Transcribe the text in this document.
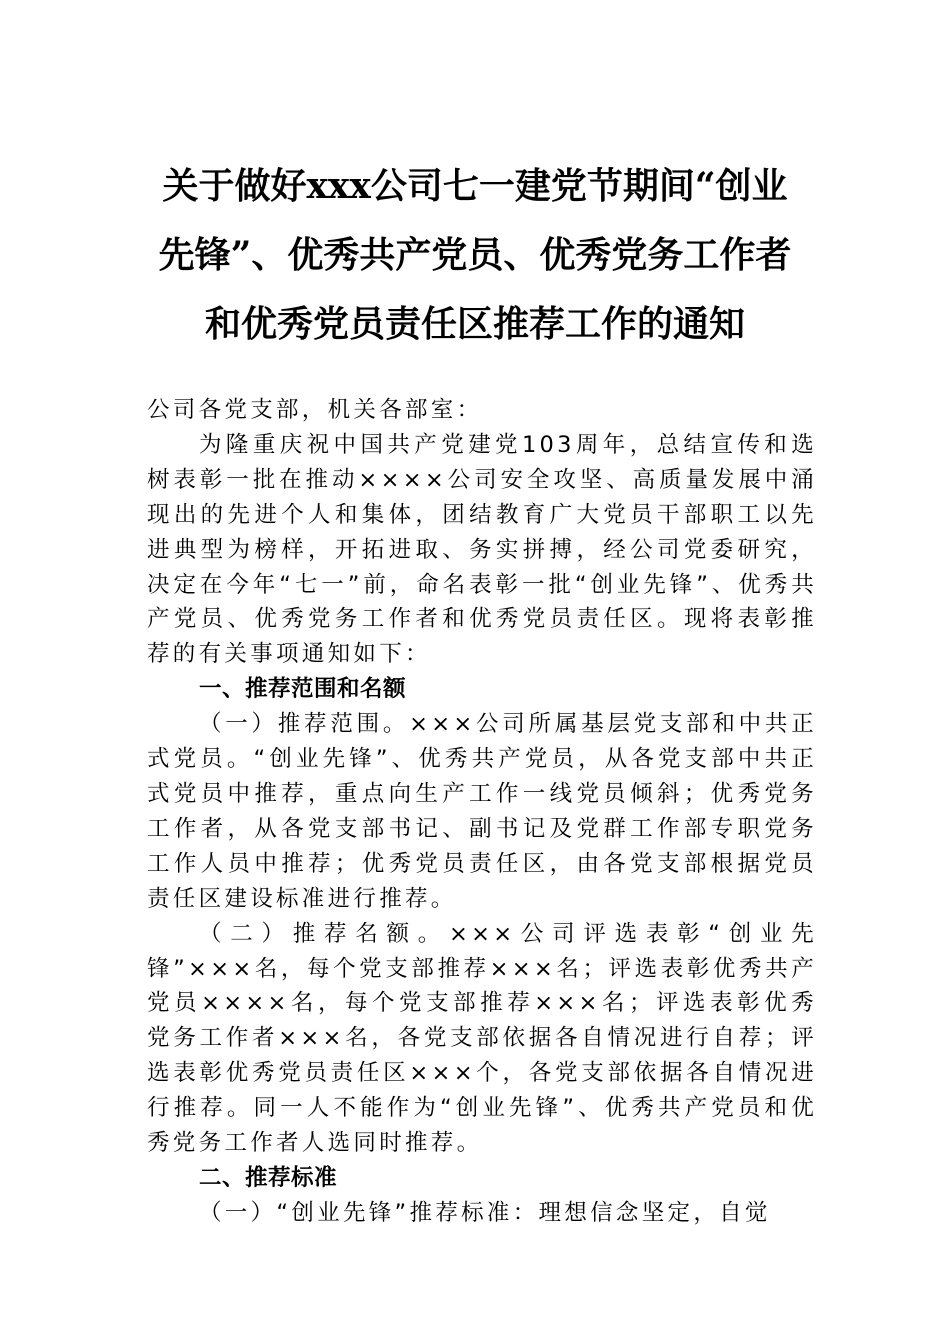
关于做好xxx公司七一建党节期间“创业
先锋”、优秀共产党员、优秀党务工作者
和优秀党员责任区推荐工作的通知

公司各党支部，机关各部室：

为隆重庆祝中国共产党建党103周年，总结宣传和选树表彰一批在推动××××公司安全攻坚、高质量发展中涌现出的先进个人和集体，团结教育广大党员干部职工以先进典型为榜样，开拓进取、务实拼搏，经公司党委研究，决定在今年“七一”前，命名表彰一批“创业先锋”、优秀共产党员、优秀党务工作者和优秀党员责任区。现将表彰推荐的有关事项通知如下：

一、推荐范围和名额

（一）推荐范围。×××公司所属基层党支部和中共正式党员。“创业先锋”、优秀共产党员，从各党支部中共正式党员中推荐，重点向生产工作一线党员倾斜；优秀党务工作者，从各党支部书记、副书记及党群工作部专职党务工作人员中推荐；优秀党员责任区，由各党支部根据党员责任区建设标准进行推荐。

（二）推荐名额。×××公司评选表彰“创业先锋”×××名，每个党支部推荐×××名；评选表彰优秀共产党员××××名，每个党支部推荐×××名；评选表彰优秀党务工作者×××名，各党支部依据各自情况进行自荐；评选表彰优秀党员责任区×××个，各党支部依据各自情况进行推荐。同一人不能作为“创业先锋”、优秀共产党员和优秀党务工作者人选同时推荐。

二、推荐标准

（一）“创业先锋”推荐标准：理想信念坚定，自觉
